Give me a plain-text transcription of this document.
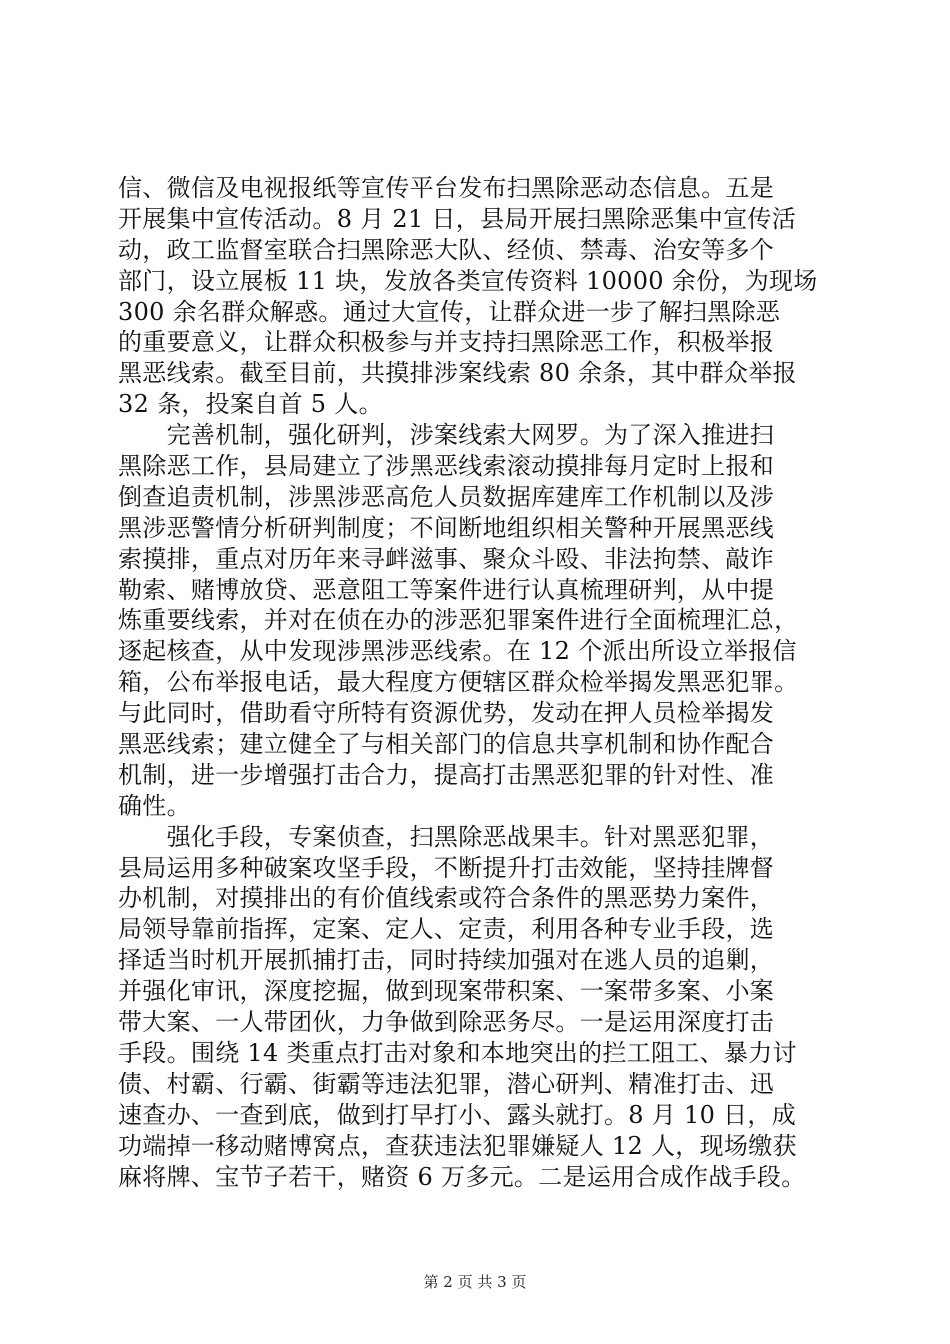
信、微信及电视报纸等宣传平台发布扫黑除恶动态信息。五是
开展集中宣传活动。8 月 21 日，县局开展扫黑除恶集中宣传活
动，政工监督室联合扫黑除恶大队、经侦、禁毒、治安等多个
部门，设立展板 11 块，发放各类宣传资料 10000 余份，为现场
300 余名群众解惑。通过大宣传，让群众进一步了解扫黑除恶
的重要意义，让群众积极参与并支持扫黑除恶工作，积极举报
黑恶线索。截至目前，共摸排涉案线索 80 余条，其中群众举报
32 条，投案自首 5 人。
　　完善机制，强化研判，涉案线索大网罗。为了深入推进扫
黑除恶工作，县局建立了涉黑恶线索滚动摸排每月定时上报和
倒查追责机制，涉黑涉恶高危人员数据库建库工作机制以及涉
黑涉恶警情分析研判制度；不间断地组织相关警种开展黑恶线
索摸排，重点对历年来寻衅滋事、聚众斗殴、非法拘禁、敲诈
勒索、赌博放贷、恶意阻工等案件进行认真梳理研判，从中提
炼重要线索，并对在侦在办的涉恶犯罪案件进行全面梳理汇总，
逐起核查，从中发现涉黑涉恶线索。在 12 个派出所设立举报信
箱，公布举报电话，最大程度方便辖区群众检举揭发黑恶犯罪。
与此同时，借助看守所特有资源优势，发动在押人员检举揭发
黑恶线索；建立健全了与相关部门的信息共享机制和协作配合
机制，进一步增强打击合力，提高打击黑恶犯罪的针对性、准
确性。
　　强化手段，专案侦查，扫黑除恶战果丰。针对黑恶犯罪，
县局运用多种破案攻坚手段，不断提升打击效能，坚持挂牌督
办机制，对摸排出的有价值线索或符合条件的黑恶势力案件，
局领导靠前指挥，定案、定人、定责，利用各种专业手段，选
择适当时机开展抓捕打击，同时持续加强对在逃人员的追剿，
并强化审讯，深度挖掘，做到现案带积案、一案带多案、小案
带大案、一人带团伙，力争做到除恶务尽。一是运用深度打击
手段。围绕 14 类重点打击对象和本地突出的拦工阻工、暴力讨
债、村霸、行霸、街霸等违法犯罪，潜心研判、精准打击、迅
速查办、一查到底，做到打早打小、露头就打。8 月 10 日，成
功端掉一移动赌博窝点，查获违法犯罪嫌疑人 12 人，现场缴获
麻将牌、宝节子若干，赌资 6 万多元。二是运用合成作战手段。
第 2 页 共 3 页
